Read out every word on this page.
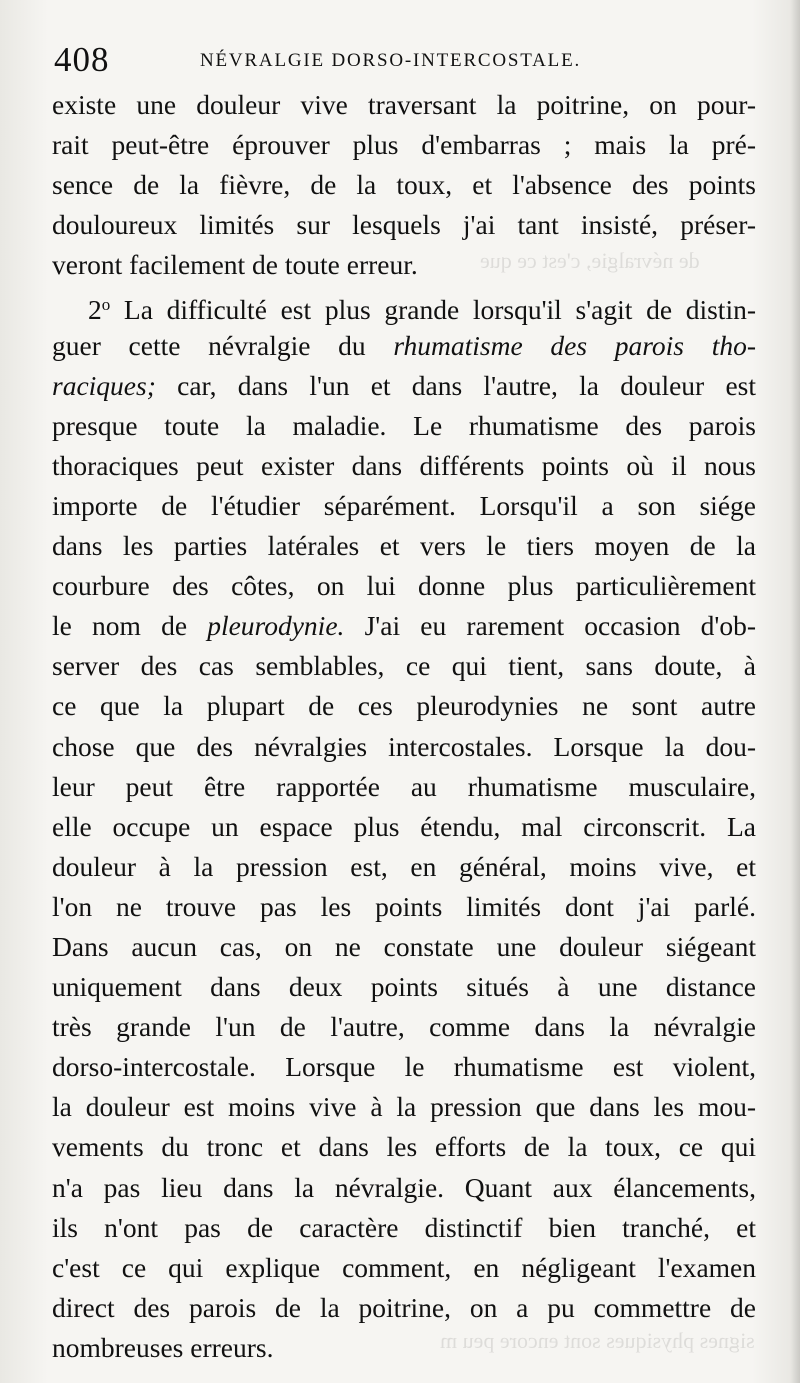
de névralgie, c'est ce que
signes physiques sont encore peu m
408	NÉVRALGIE DORSO-INTERCOSTALE.
existe une douleur vive traversant la poitrine, on pour-
rait peut-être éprouver plus d'embarras ; mais la pré-
sence de la fièvre, de la toux, et l'absence des points
douloureux limités sur lesquels j'ai tant insisté, préser-
veront facilement de toute erreur.
2$^o$ La difficulté est plus grande lorsqu'il s'agit de distin-
guer cette névralgie du rhumatisme des parois tho-
raciques; car, dans l'un et dans l'autre, la douleur est
presque toute la maladie. Le rhumatisme des parois
thoraciques peut exister dans différents points où il nous
importe de l'étudier séparément. Lorsqu'il a son siége
dans les parties latérales et vers le tiers moyen de la
courbure des côtes, on lui donne plus particulièrement
le nom de pleurodynie. J'ai eu rarement occasion d'ob-
server des cas semblables, ce qui tient, sans doute, à
ce que la plupart de ces pleurodynies ne sont autre
chose que des névralgies intercostales. Lorsque la dou-
leur peut être rapportée au rhumatisme musculaire,
elle occupe un espace plus étendu, mal circonscrit. La
douleur à la pression est, en général, moins vive, et
l'on ne trouve pas les points limités dont j'ai parlé.
Dans aucun cas, on ne constate une douleur siégeant
uniquement dans deux points situés à une distance
très grande l'un de l'autre, comme dans la névralgie
dorso-intercostale. Lorsque le rhumatisme est violent,
la douleur est moins vive à la pression que dans les mou-
vements du tronc et dans les efforts de la toux, ce qui
n'a pas lieu dans la névralgie. Quant aux élancements,
ils n'ont pas de caractère distinctif bien tranché, et
c'est ce qui explique comment, en négligeant l'examen
direct des parois de la poitrine, on a pu commettre de
nombreuses erreurs.
